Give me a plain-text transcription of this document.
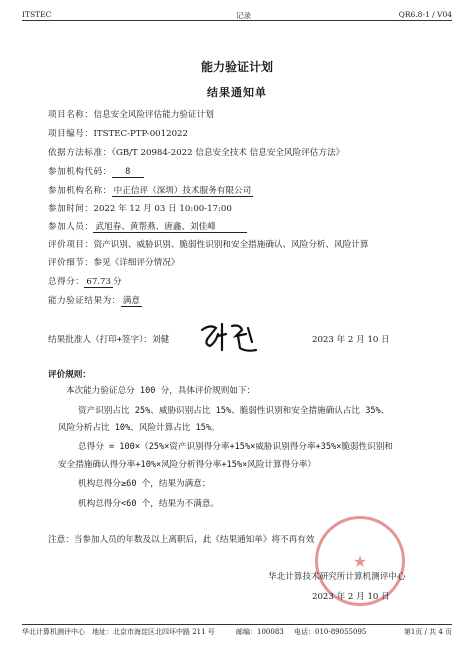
ITSTEC	记录	QR6.8-1 / V04
能力验证计划
结果通知单
项目名称：信息安全风险评估能力验证计划
项目编号：ITSTEC-PTP-0012022
依据方法标准：《GB/T 20984-2022 信息安全技术 信息安全风险评估方法》
参加机构代码： 8
参加机构名称： 中正信评（深圳）技术服务有限公司
参加时间：2022 年 12 月 03 日 10:00-17:00
参加人员： 武旭春、黄帮燕、唐鑫、刘佳峰
评价项目：资产识别、威胁识别、脆弱性识别和安全措施确认、风险分析、风险计算
评价细节：参见《详细评分情况》
总得分： 67.73 分
能力验证结果为： 满意
结果批准人（打印+签字）：刘健	2023 年 2 月 10 日
评价规则：
本次能力验证总分 100 分，具体评价规则如下：
资产识别占比 25%、威胁识别占比 15%、脆弱性识别和安全措施确认占比 35%、
风险分析占比 10%、风险计算占比 15%。
总得分 = 100×（25%×资产识别得分率+15%×威胁识别得分率+35%×脆弱性识别和
安全措施确认得分率+10%×风险分析得分率+15%×风险计算得分率）
机构总得分≥60 个，结果为满意；
机构总得分<60 个，结果为不满意。
注意：当参加人员的年数及以上离职后，此《结果通知单》将不再有效
★
华北计算技术研究所计算机测评中心
2023 年 2 月 10 日
华北计算机测评中心 地址：北京市海淀区北四环中路 211 号	邮编：100083 电话：010-89055095	第1页 / 共 4 页
